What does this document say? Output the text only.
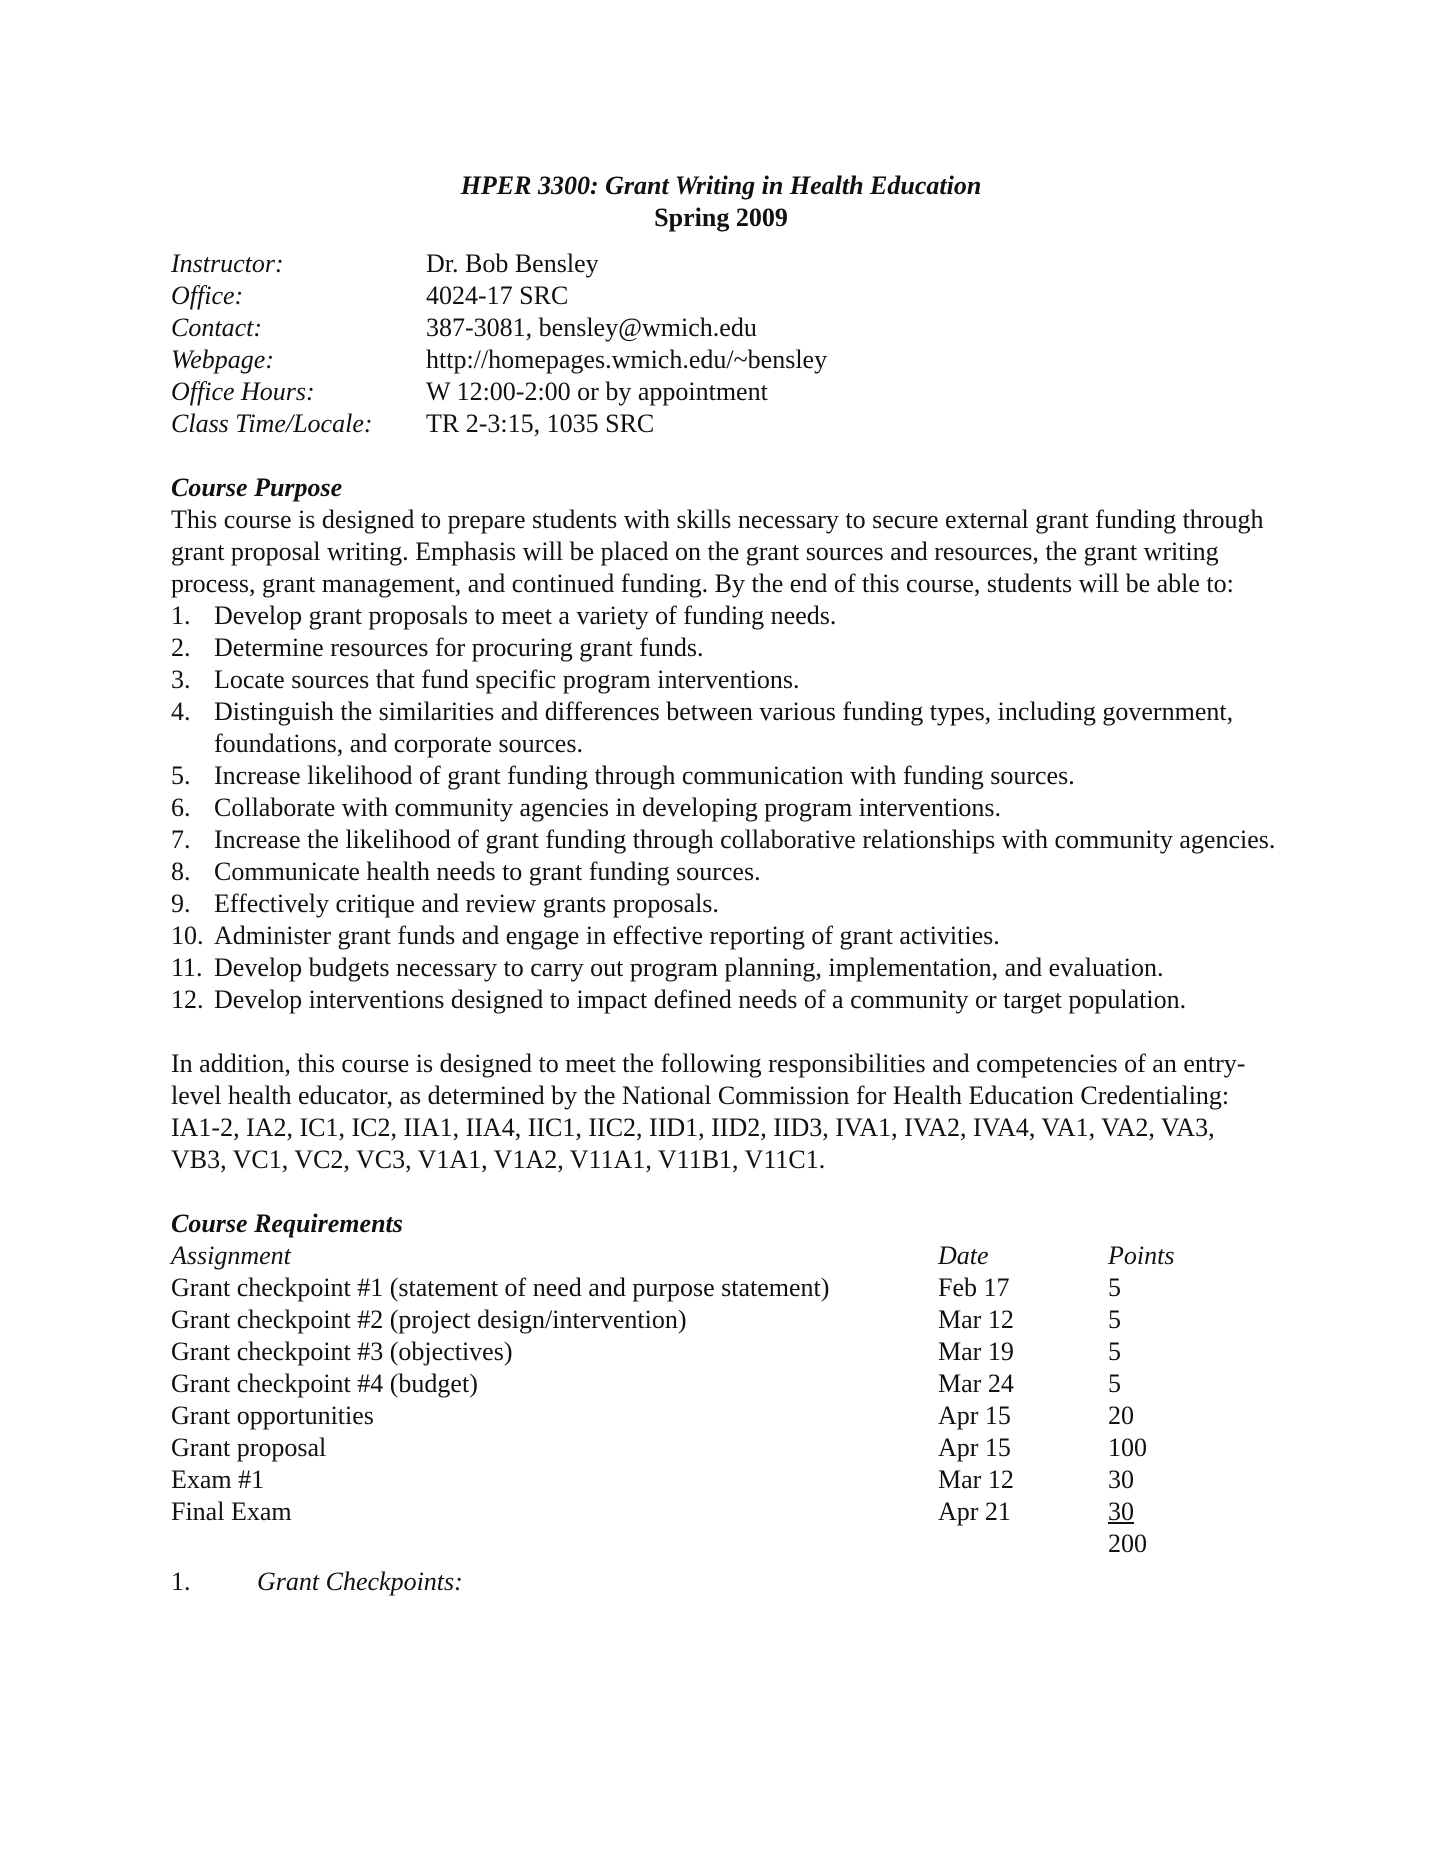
HPER 3300: Grant Writing in Health Education
Spring 2009
Instructor:	Dr. Bob Bensley
Office:	4024-17 SRC
Contact:	387-3081, bensley@wmich.edu
Webpage:	http://homepages.wmich.edu/~bensley
Office Hours:	W 12:00-2:00 or by appointment
Class Time/Locale:	TR 2-3:15, 1035 SRC
Course Purpose
This course is designed to prepare students with skills necessary to secure external grant funding through grant proposal writing. Emphasis will be placed on the grant sources and resources, the grant writing process, grant management, and continued funding. By the end of this course, students will be able to:
1. Develop grant proposals to meet a variety of funding needs.
2. Determine resources for procuring grant funds.
3. Locate sources that fund specific program interventions.
4. Distinguish the similarities and differences between various funding types, including government, foundations, and corporate sources.
5. Increase likelihood of grant funding through communication with funding sources.
6. Collaborate with community agencies in developing program interventions.
7. Increase the likelihood of grant funding through collaborative relationships with community agencies.
8. Communicate health needs to grant funding sources.
9. Effectively critique and review grants proposals.
10. Administer grant funds and engage in effective reporting of grant activities.
11. Develop budgets necessary to carry out program planning, implementation, and evaluation.
12. Develop interventions designed to impact defined needs of a community or target population.
In addition, this course is designed to meet the following responsibilities and competencies of an entry-level health educator, as determined by the National Commission for Health Education Credentialing: IA1-2, IA2, IC1, IC2, IIA1, IIA4, IIC1, IIC2, IID1, IID2, IID3, IVA1, IVA2, IVA4, VA1, VA2, VA3, VB3, VC1, VC2, VC3, V1A1, V1A2, V11A1, V11B1, V11C1.
Course Requirements
Assignment	Date	Points
Grant checkpoint #1 (statement of need and purpose statement)	Feb 17	5
Grant checkpoint #2 (project design/intervention)	Mar 12	5
Grant checkpoint #3 (objectives)	Mar 19	5
Grant checkpoint #4 (budget)	Mar 24	5
Grant opportunities	Apr 15	20
Grant proposal	Apr 15	100
Exam #1	Mar 12	30
Final Exam	Apr 21	30
		200
1.	Grant Checkpoints:
